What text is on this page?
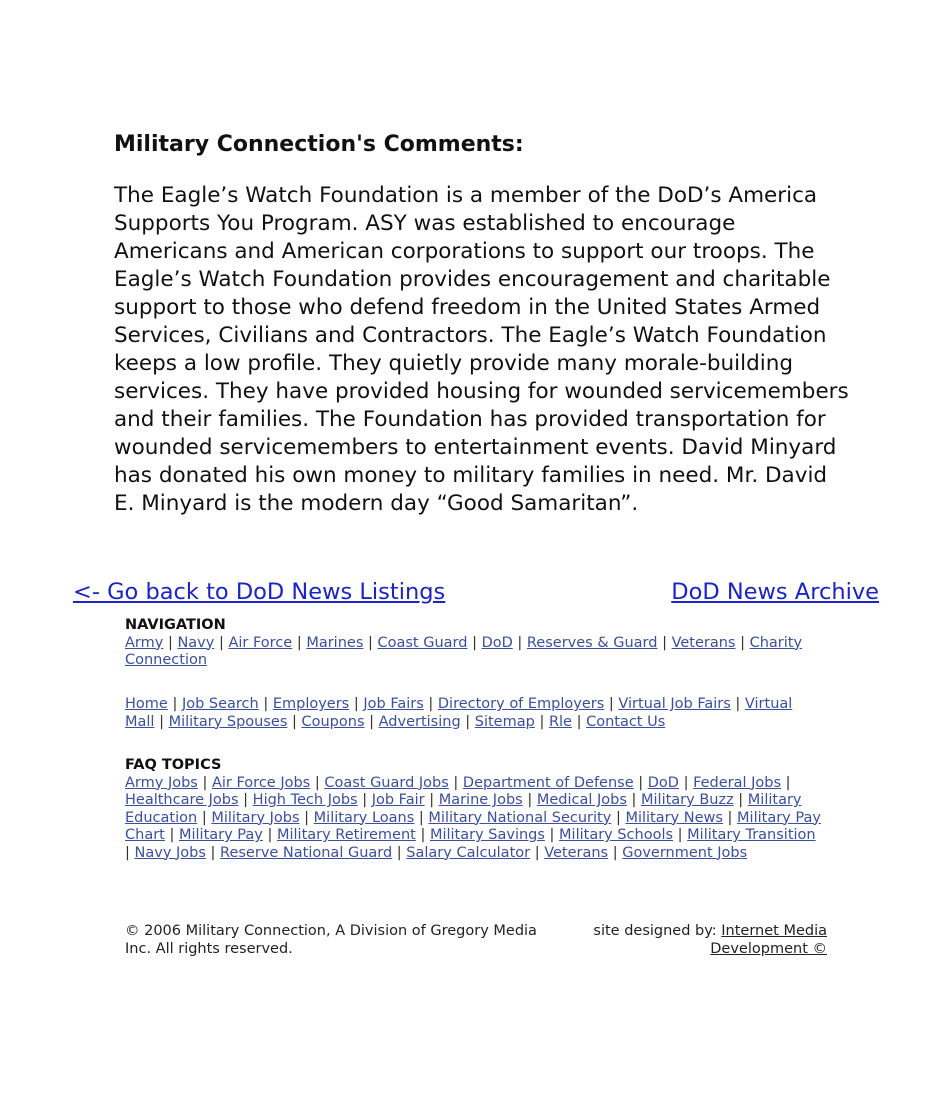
Military Connection's Comments:

The Eagle’s Watch Foundation is a member of the DoD’s America Supports You Program. ASY was established to encourage Americans and American corporations to support our troops. The Eagle’s Watch Foundation provides encouragement and charitable support to those who defend freedom in the United States Armed Services, Civilians and Contractors. The Eagle’s Watch Foundation keeps a low profile. They quietly provide many morale-building services. They have provided housing for wounded servicemembers and their families. The Foundation has provided transportation for wounded servicemembers to entertainment events. David Minyard has donated his own money to military families in need. Mr. David E. Minyard is the modern day “Good Samaritan”.

<- Go back to DoD News Listings	DoD News Archive
NAVIGATION
Army | Navy | Air Force | Marines | Coast Guard | DoD | Reserves & Guard | Veterans | Charity Connection
Home | Job Search | Employers | Job Fairs | Directory of Employers | Virtual Job Fairs | Virtual Mall | Military Spouses | Coupons | Advertising | Sitemap | Rle | Contact Us
FAQ TOPICS
Army Jobs | Air Force Jobs | Coast Guard Jobs | Department of Defense | DoD | Federal Jobs | Healthcare Jobs | High Tech Jobs | Job Fair | Marine Jobs | Medical Jobs | Military Buzz | Military Education | Military Jobs | Military Loans | Military National Security | Military News | Military Pay Chart | Military Pay | Military Retirement | Military Savings | Military Schools | Military Transition | Navy Jobs | Reserve National Guard | Salary Calculator | Veterans | Government Jobs
© 2006 Military Connection, A Division of Gregory Media Inc. All rights reserved.
site designed by: Internet Media Development ©
